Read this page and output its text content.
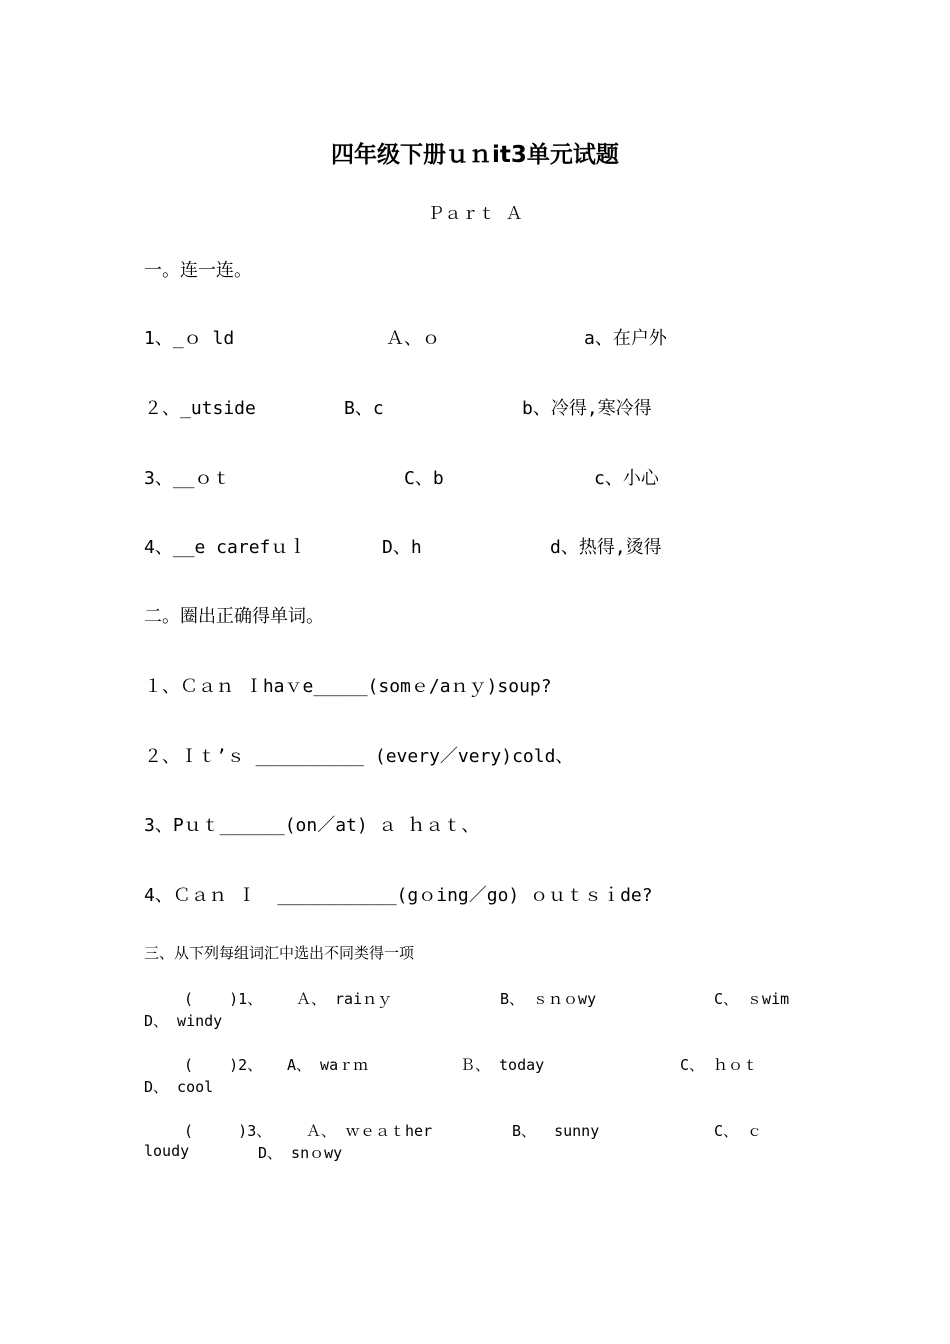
四年级下册ｕｎit3单元试题
Ｐａｒｔ Ａ
一。连一连。
1、_ｏ ld	Ａ、ｏ	a、在户外
２、_utside	B、c	b、冷得,寒冷得
3、__ｏｔ	C、b	c、小心
4、__e carefｕｌ	D、h	d、热得,烫得
二。圈出正确得单词。
１、Ｃａｎ Ｉhaｖe_____(somｅ/aｎｙ)soup?
２、Ｉｔ’ｓ __________ (every／very)cold、
3、Pｕｔ______(on／at) ａ ｈａｔ、
4、Ｃａｎ Ｉ  ___________(gｏing／go) ｏｕｔｓｉde?
三、从下列每组词汇中选出不同类得一项
(    )1、 Ａ、 raiｎｙ	B、 ｓｎｏwy	C、 ｓwim
D、 windy
(    )2、 A、 waｒｍ	Ｂ、 today	C、 ｈｏｔ
D、 cool
(     )3、 Ａ、 ｗｅａｔher	B、  sunny	C、 ｃ
loudy	D、 snｏwy
